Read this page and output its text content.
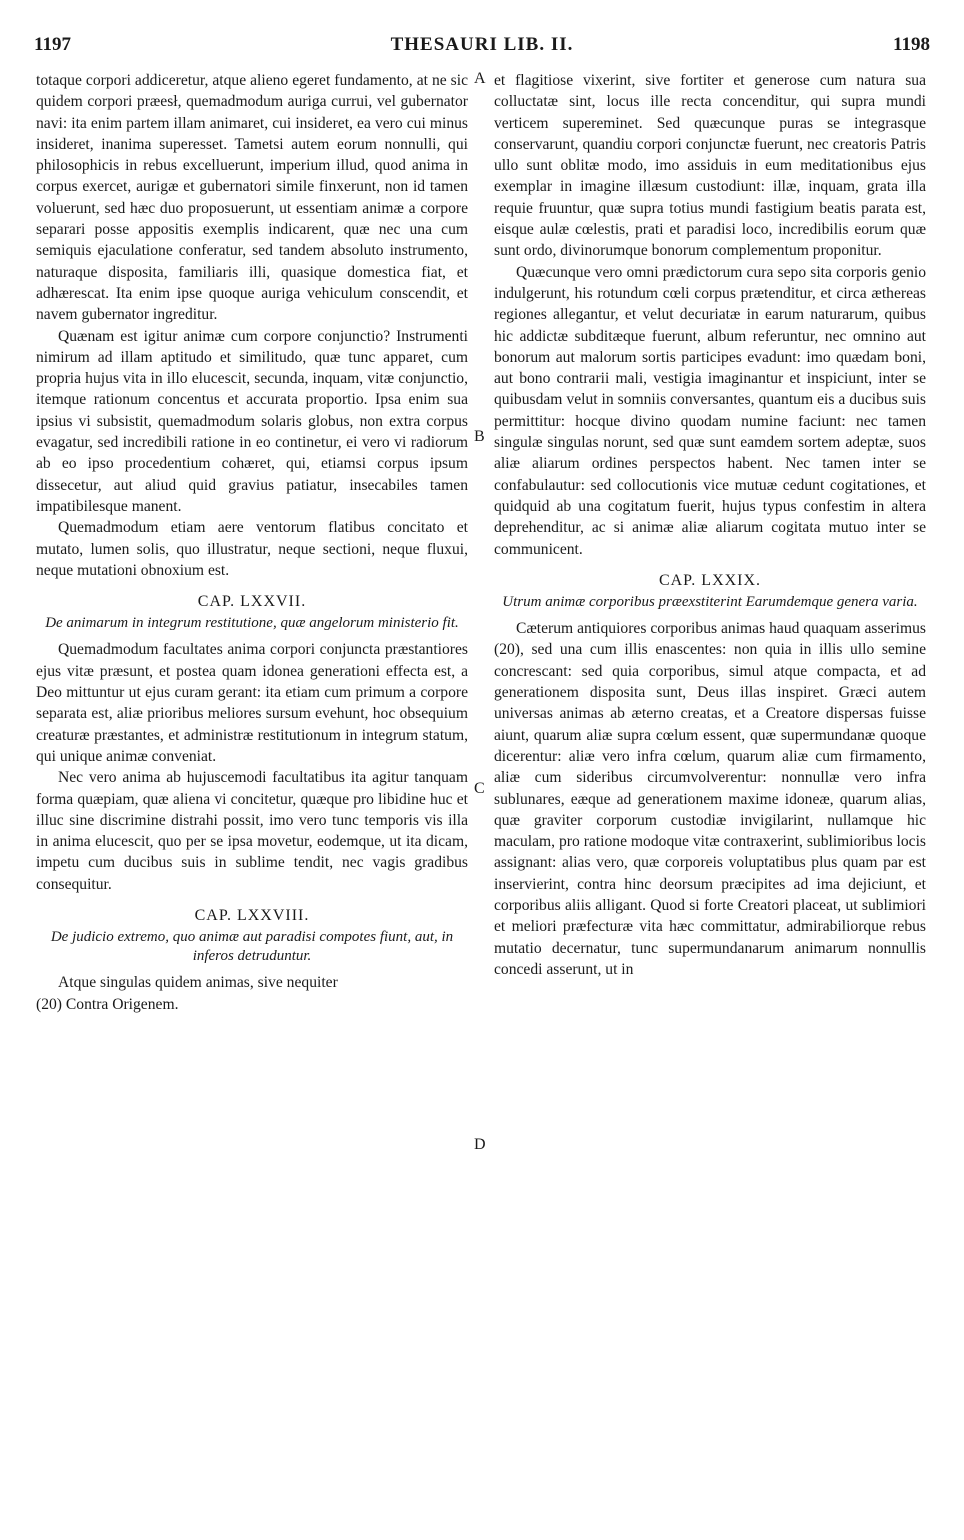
1197	THESAURI LIB. II.	1198

totaque corpori addiceretur, atque alieno egeret fundamento, at ne sic quidem corpori præesł, quemadmodum auriga currui, vel gubernator navi: ita enim partem illam animaret, cui insideret, ea vero cui minus insideret, inanima superesset. Tametsi autem eorum nonnulli, qui philosophicis in rebus excelluerunt, imperium illud, quod anima in corpus exercet, aurigæ et gubernatori simile finxerunt, non id tamen voluerunt, sed hæc duo proposuerunt, ut essentiam animæ a corpore separari posse appositis exemplis indicarent, quæ nec una cum semiquis ejaculatione conferatur, sed tandem absoluto instrumento, naturaque disposita, familiaris illi, quasique domestica fiat, et adhærescat. Ita enim ipse quoque auriga vehiculum conscendit, et navem gubernator ingreditur.

Quænam est igitur animæ cum corpore conjunctio? Instrumenti nimirum ad illam aptitudo et similitudo, quæ tunc apparet, cum propria hujus vita in illo elucescit, secunda, inquam, vitæ conjunctio, itemque rationum concentus et accurata proportio. Ipsa enim sua ipsius vi subsistit, quemadmodum solaris globus, non extra corpus evagatur, sed incredibili ratione in eo continetur, ei vero vi radiorum ab eo ipso procedentium cohæret, qui, etiamsi corpus ipsum dissecetur, aut aliud quid gravius patiatur, insecabiles tamen impatibilesque manent.

Quemadmodum etiam aere ventorum flatibus concitato et mutato, lumen solis, quo illustratur, neque sectioni, neque fluxui, neque mutationi obnoxium est.

CAP. LXXVII.
De animarum in integrum restitutione, quæ angelorum ministerio fit.

Quemadmodum facultates anima corpori conjuncta præstantiores ejus vitæ præsunt, et postea quam idonea generationi effecta est, a Deo mittuntur ut ejus curam gerant: ita etiam cum primum a corpore separata est, aliæ prioribus meliores sursum evehunt, hoc obsequium creaturæ præstantes, et administræ restitutionum in integrum statum, qui unique animæ conveniat.

Nec vero anima ab hujuscemodi facultatibus ita agitur tanquam forma quæpiam, quæ aliena vi concitetur, quæque pro libidine huc et illuc sine discrimine distrahi possit, imo vero tunc temporis vis illa in anima elucescit, quo per se ipsa movetur, eodemque, ut ita dicam, impetu cum ducibus suis in sublime tendit, nec vagis gradibus consequitur.

CAP. LXXVIII.
De judicio extremo, quo animæ aut paradisi compotes fiunt, aut, in inferos detruduntur.

Atque singulas quidem animas, sive nequiter

(20) Contra Origenem.

et flagitiose vixerint, sive fortiter et generose cum natura sua colluctatæ sint, locus ille recta concenditur, qui supra mundi verticem supereminet. Sed quæcunque puras se integrasque conservarunt, quandiu corpori conjunctæ fuerunt, nec creatoris Patris ullo sunt oblitæ modo, imo assiduis in eum meditationibus ejus exemplar in imagine illæsum custodiunt: illæ, inquam, grata illa requie fruuntur, quæ supra totius mundi fastigium beatis parata est, eisque aulæ cœlestis, prati et paradisi loco, incredibilis eorum quæ sunt ordo, divinorumque bonorum complementum proponitur.

Quæcunque vero omni prædictorum cura sepo sita corporis genio indulgerunt, his rotundum cœli corpus prætenditur, et circa æthereas regiones allegantur, et velut decuriatæ in earum naturarum, quibus hic addictæ subditæque fuerunt, album referuntur, nec omnino aut bonorum aut malorum sortis participes evadunt: imo quædam boni, aut bono contrarii mali, vestigia imaginantur et inspiciunt, inter se quibusdam velut in somniis conversantes, quantum eis a ducibus suis permittitur: hocque divino quodam numine faciunt: nec tamen singulæ singulas norunt, sed quæ sunt eamdem sortem adeptæ, suos aliæ aliarum ordines perspectos habent. Nec tamen inter se confabulautur: sed collocutionis vice mutuæ cedunt cogitationes, et quidquid ab una cogitatum fuerit, hujus typus confestim in altera deprehenditur, ac si animæ aliæ aliarum cogitata mutuo inter se communicent.

CAP. LXXIX.
Utrum animæ corporibus præexstiterint Earumdemque genera varia.

Cæterum antiquiores corporibus animas haud quaquam asserimus (20), sed una cum illis enascentes: non quia in illis ullo semine concrescant: sed quia corporibus, simul atque compacta, et ad generationem disposita sunt, Deus illas inspiret. Græci autem universas animas ab æterno creatas, et a Creatore dispersas fuisse aiunt, quarum aliæ supra cœlum essent, quæ supermundanæ quoque dicerentur: aliæ vero infra cœlum, quarum aliæ cum firmamento, aliæ cum sideribus circumvolverentur: nonnullæ vero infra sublunares, eæque ad generationem maxime idoneæ, quarum alias, quæ graviter corporum custodiæ invigilarint, nullamque hic maculam, pro ratione modoque vitæ contraxerint, sublimioribus locis assignant: alias vero, quæ corporeis voluptatibus plus quam par est inservierint, contra hinc deorsum præcipites ad ima dejiciunt, et corporibus aliis alligant. Quod si forte Creatori placeat, ut sublimiori et meliori præfecturæ vita hæc committatur, admirabiliorque rebus mutatio decernatur, tunc supermundanarum animarum nonnullis concedi asserunt, ut in

A
B
C
D
